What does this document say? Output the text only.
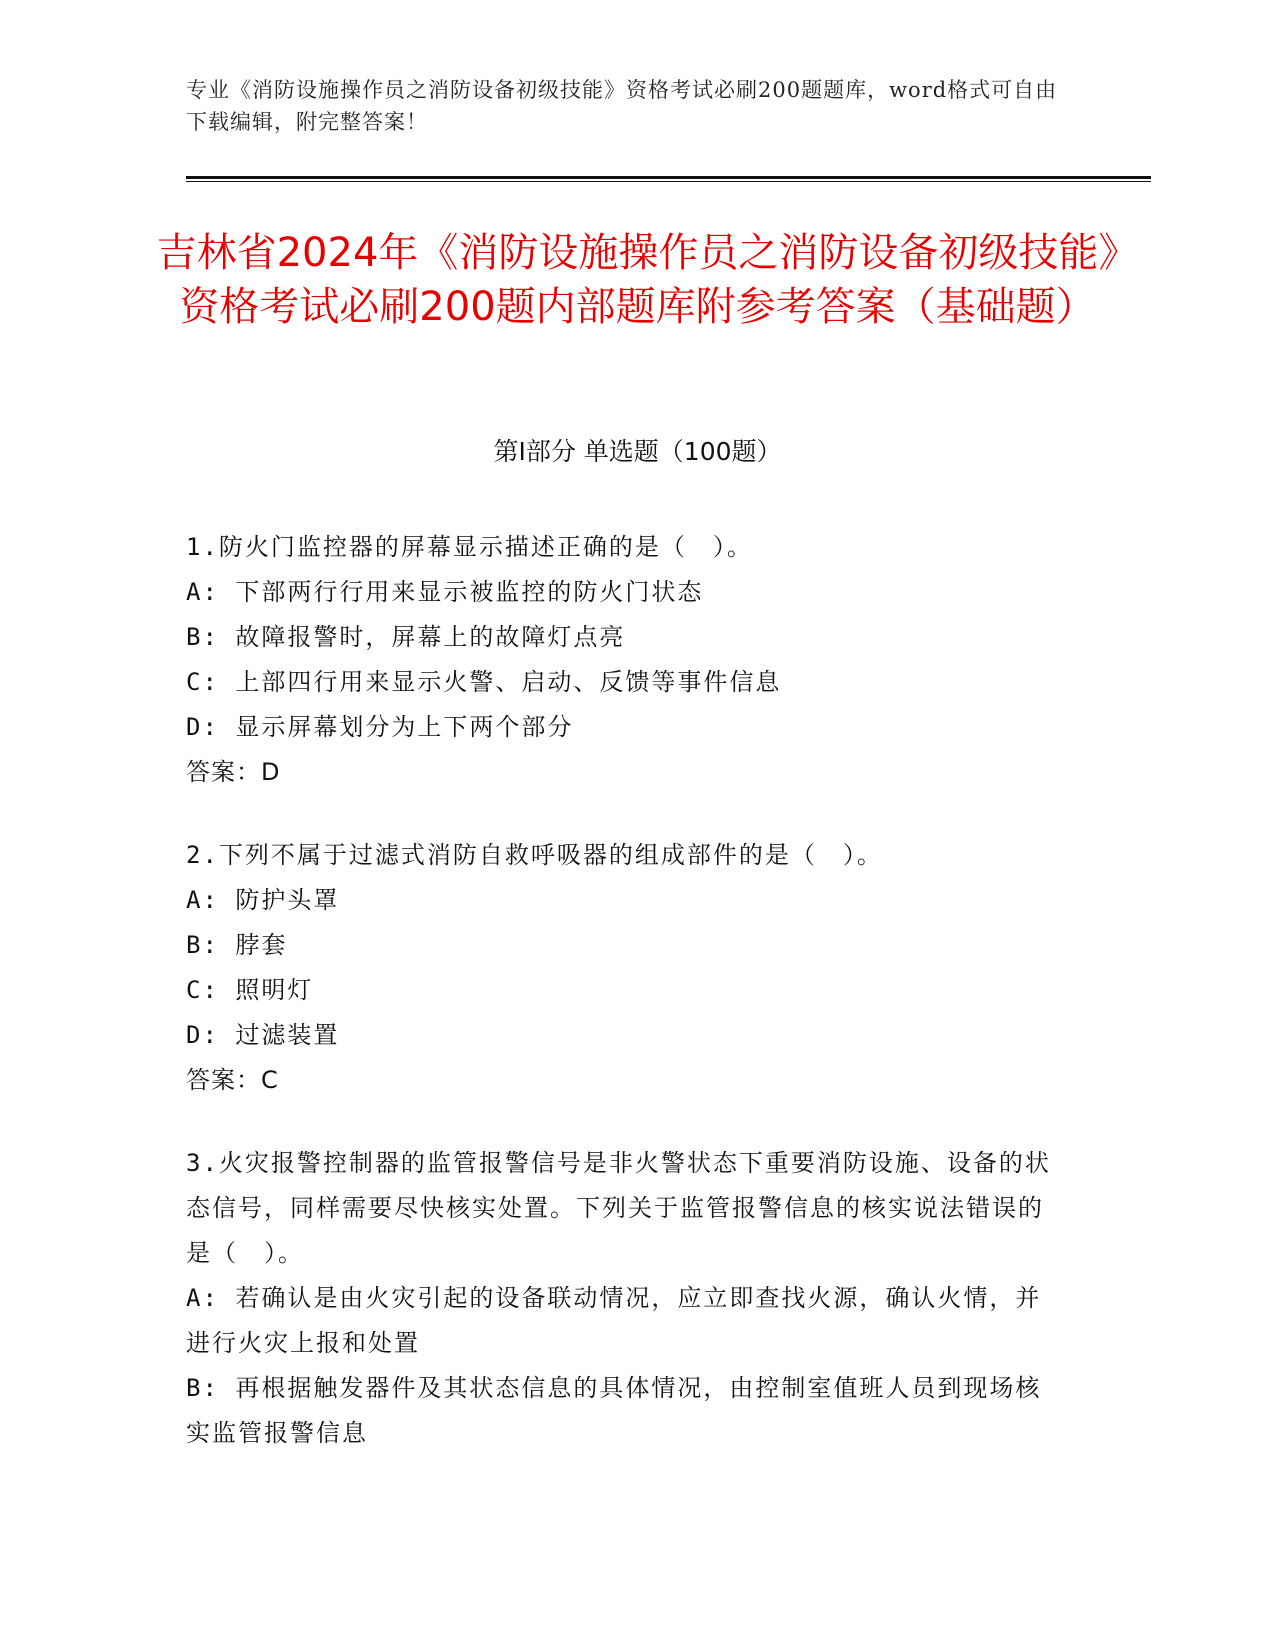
专业《消防设施操作员之消防设备初级技能》资格考试必刷200题题库，word格式可自由下载编辑，附完整答案！
吉林省2024年《消防设施操作员之消防设备初级技能》资格考试必刷200题内部题库附参考答案（基础题）
第I部分 单选题（100题）
1.防火门监控器的屏幕显示描述正确的是（　）。
A: 下部两行行用来显示被监控的防火门状态
B: 故障报警时，屏幕上的故障灯点亮
C: 上部四行用来显示火警、启动、反馈等事件信息
D: 显示屏幕划分为上下两个部分
答案：D
2.下列不属于过滤式消防自救呼吸器的组成部件的是（　）。
A: 防护头罩
B: 脖套
C: 照明灯
D: 过滤装置
答案：C
3.火灾报警控制器的监管报警信号是非火警状态下重要消防设施、设备的状态信号，同样需要尽快核实处置。下列关于监管报警信息的核实说法错误的是（　）。
A: 若确认是由火灾引起的设备联动情况，应立即查找火源，确认火情，并进行火灾上报和处置
B: 再根据触发器件及其状态信息的具体情况，由控制室值班人员到现场核实监管报警信息
